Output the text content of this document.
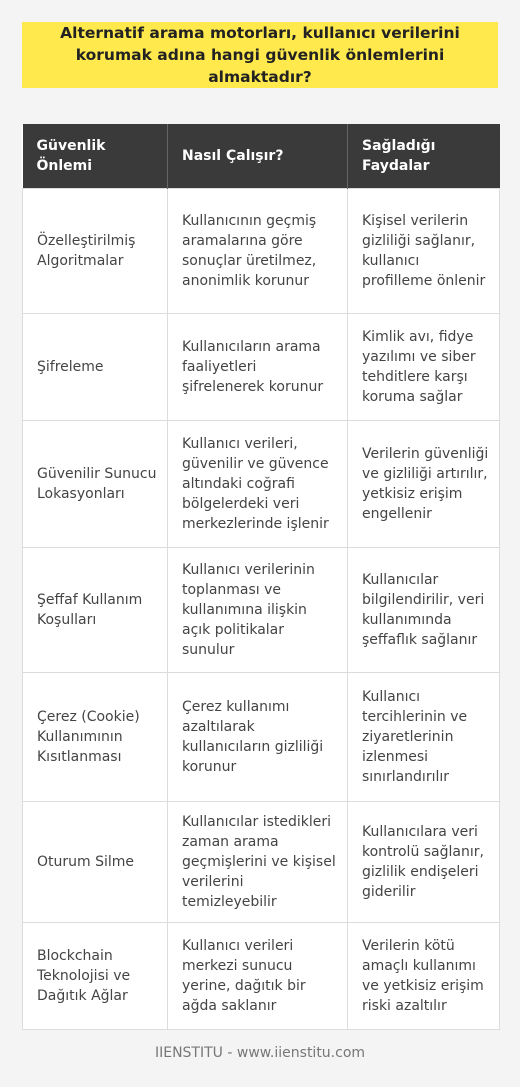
Alternatif arama motorları, kullanıcı verilerini korumak adına hangi güvenlik önlemlerini almaktadır?
Güvenlik Önlemi	Nasıl Çalışır?	Sağladığı Faydalar
Özelleştirilmiş Algoritmalar	Kullanıcının geçmiş aramalarına göre sonuçlar üretilmez, anonimlik korunur	Kişisel verilerin gizliliği sağlanır, kullanıcı profilleme önlenir
Şifreleme	Kullanıcıların arama faaliyetleri şifrelenerek korunur	Kimlik avı, fidye yazılımı ve siber tehditlere karşı koruma sağlar
Güvenilir Sunucu Lokasyonları	Kullanıcı verileri, güvenilir ve güvence altındaki coğrafi bölgelerdeki veri merkezlerinde işlenir	Verilerin güvenliği ve gizliliği artırılır, yetkisiz erişim engellenir
Şeffaf Kullanım Koşulları	Kullanıcı verilerinin toplanması ve kullanımına ilişkin açık politikalar sunulur	Kullanıcılar bilgilendirilir, veri kullanımında şeffaflık sağlanır
Çerez (Cookie) Kullanımının Kısıtlanması	Çerez kullanımı azaltılarak kullanıcıların gizliliği korunur	Kullanıcı tercihlerinin ve ziyaretlerinin izlenmesi sınırlandırılır
Oturum Silme	Kullanıcılar istedikleri zaman arama geçmişlerini ve kişisel verilerini temizleyebilir	Kullanıcılara veri kontrolü sağlanır, gizlilik endişeleri giderilir
Blockchain Teknolojisi ve Dağıtık Ağlar	Kullanıcı verileri merkezi sunucu yerine, dağıtık bir ağda saklanır	Verilerin kötü amaçlı kullanımı ve yetkisiz erişim riski azaltılır
IIENSTITU - www.iienstitu.com
